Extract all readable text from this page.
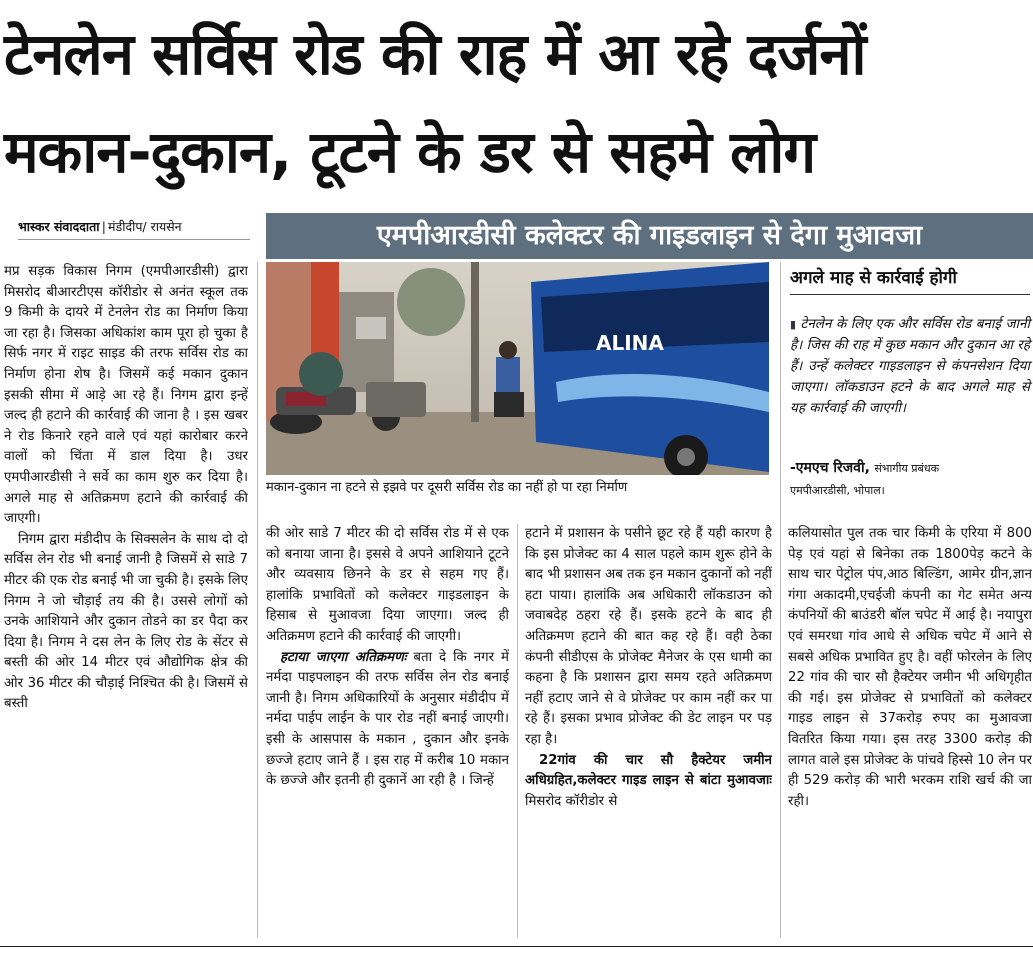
टेनलेन सर्विस रोड की राह में आ रहे दर्जनों
मकान-दुकान, टूटने के डर से सहमे लोग
भास्कर संवाददाता | मंडीदीप/ रायसेन	एमपीआरडीसी कलेक्टर की गाइडलाइन से देगा मुआवजा
ALINA
मकान-दुकान ना हटने से इझवे पर दूसरी सर्विस रोड का नहीं हो पा रहा निर्माण
अगले माह से कार्रवाई होगी
▮ टेनलेन के लिए एक और सर्विस रोड बनाई जानी है। जिस की राह में कुछ मकान और दुकान आ रहे हैं। उन्हें कलेक्टर गाइडलाइन से कंपनसेशन दिया जाएगा। लॉकडाउन हटने के बाद अगले माह से यह कार्रवाई की जाएगी।
-एमएच रिजवी, संभागीय प्रबंधक
एमपीआरडीसी, भोपाल।

मप्र सड़क विकास निगम (एमपीआरडीसी) द्वारा मिसरोद बीआरटीएस कॉरीडोर से अनंत स्कूल तक 9 किमी के दायरे में टेनलेन रोड का निर्माण किया जा रहा है। जिसका अधिकांश काम पूरा हो चुका है सिर्फ नगर में राइट साइड की तरफ सर्विस रोड का निर्माण होना शेष है। जिसमें कई मकान दुकान इसकी सीमा में आड़े आ रहे हैं। निगम द्वारा इन्हें जल्द ही हटाने की कार्रवाई की जाना है । इस खबर ने रोड किनारे रहने वाले एवं यहां कारोबार करने वालों को चिंता में डाल दिया है। उधर एमपीआरडीसी ने सर्वे का काम शुरु कर दिया है। अगले माह से अतिक्रमण हटाने की कार्रवाई की जाएगी।

निगम द्वारा मंडीदीप के सिक्सलेन के साथ दो दो सर्विस लेन रोड भी बनाई जानी है जिसमें से साडे 7 मीटर की एक रोड बनाई भी जा चुकी है। इसके लिए निगम ने जो चौड़ाई तय की है। उससे लोगों को उनके आशियाने और दुकान तोडने का डर पैदा कर दिया है। निगम ने दस लेन के लिए रोड के सेंटर से बस्ती की ओर 14 मीटर एवं औद्योगिक क्षेत्र की ओर 36 मीटर की चौड़ाई निश्चित की है। जिसमें से बस्ती

की ओर साडे 7 मीटर की दो सर्विस रोड में से एक को बनाया जाना है। इससे वे अपने आशियाने टूटने और व्यवसाय छिनने के डर से सहम गए हैं। हालांकि प्रभावितों को कलेक्टर गाइडलाइन के हिसाब से मुआवजा दिया जाएगा। जल्द ही अतिक्रमण हटाने की कार्रवाई की जाएगी।

हटाया जाएगा अतिक्रमणः बता दे कि नगर में नर्मदा पाइपलाइन की तरफ सर्विस लेन रोड बनाई जानी है। निगम अधिकारियों के अनुसार मंडीदीप में नर्मदा पाईप लाईन के पार रोड नहीं बनाई जाएगी। इसी के आसपास के मकान , दुकान और इनके छज्जे हटाए जाने हैं । इस राह में करीब 10 मकान के छज्जे और इतनी ही दुकानें आ रही है । जिन्हें

हटाने में प्रशासन के पसीने छूट रहे हैं यही कारण है कि इस प्रोजेक्ट का 4 साल पहले काम शुरू होने के बाद भी प्रशासन अब तक इन मकान दुकानों को नहीं हटा पाया। हालांकि अब अधिकारी लॉकडाउन को जवाबदेह ठहरा रहे हैं। इसके हटने के बाद ही अतिक्रमण हटाने की बात कह रहे हैं। वही ठेका कंपनी सीडीएस के प्रोजेक्ट मैनेजर के एस धामी का कहना है कि प्रशासन द्वारा समय रहते अतिक्रमण नहीं हटाए जाने से वे प्रोजेक्ट पर काम नहीं कर पा रहे हैं। इसका प्रभाव प्रोजेक्ट की डेट लाइन पर पड़ रहा है।

22गांव की चार सौ हैक्टेयर जमीन अधिग्रहित,कलेक्टर गाइड लाइन से बांटा मुआवजाः मिसरोद कॉरीडोर से

कलियासोत पुल तक चार किमी के एरिया में 800 पेड़ एवं यहां से बिनेका तक 1800पेड़ कटने के साथ चार पेट्रोल पंप,आठ बिल्डिंग, आमेर ग्रीन,ज्ञान गंगा अकादमी,एचईजी कंपनी का गेट समेत अन्य कंपनियों की बाउंडरी बॉल चपेट में आई है। नयापुरा एवं समरधा गांव आधे से अधिक चपेट में आने से सबसे अधिक प्रभावित हुए है। वहीं फोरलेन के लिए 22 गांव की चार सौ हैक्टेयर जमीन भी अधिगृहीत की गई। इस प्रोजेक्ट से प्रभावितों को कलेक्टर गाइड लाइन से 37करोड़ रुपए का मुआवजा वितरित किया गया। इस तरह 3300 करोड़ की लागत वाले इस प्रोजेक्ट के पांचवे हिस्से 10 लेन पर ही 529 करोड़ की भारी भरकम राशि खर्च की जा रही।
